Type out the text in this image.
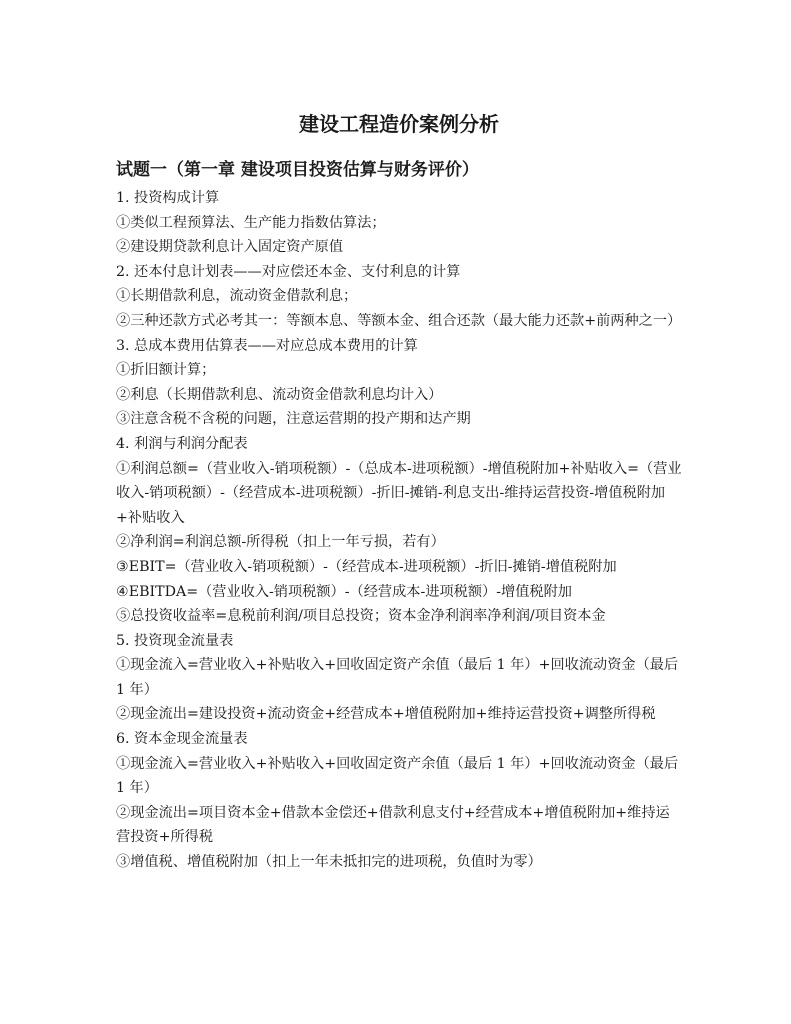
建设工程造价案例分析
试题一（第一章 建设项目投资估算与财务评价）

1. 投资构成计算

①类似工程预算法、生产能力指数估算法；

②建设期贷款利息计入固定资产原值

2. 还本付息计划表——对应偿还本金、支付利息的计算

①长期借款利息，流动资金借款利息；

②三种还款方式必考其一：等额本息、等额本金、组合还款（最大能力还款+前两种之一）

3. 总成本费用估算表——对应总成本费用的计算

①折旧额计算；

②利息（长期借款利息、流动资金借款利息均计入）

③注意含税不含税的问题，注意运营期的投产期和达产期

4. 利润与利润分配表

①利润总额=（营业收入-销项税额）-（总成本-进项税额）-增值税附加+补贴收入=（营业收入-销项税额）-（经营成本-进项税额）-折旧-摊销-利息支出-维持运营投资-增值税附加+补贴收入

②净利润=利润总额-所得税（扣上一年亏损，若有）

③EBIT=（营业收入-销项税额）-（经营成本-进项税额）-折旧-摊销-增值税附加

④EBITDA=（营业收入-销项税额）-（经营成本-进项税额）-增值税附加

⑤总投资收益率=息税前利润/项目总投资；资本金净利润率净利润/项目资本金

5. 投资现金流量表

①现金流入=营业收入+补贴收入+回收固定资产余值（最后 1 年）+回收流动资金（最后 1 年）

②现金流出=建设投资+流动资金+经营成本+增值税附加+维持运营投资+调整所得税

6. 资本金现金流量表

①现金流入=营业收入+补贴收入+回收固定资产余值（最后 1 年）+回收流动资金（最后 1 年）

②现金流出=项目资本金+借款本金偿还+借款利息支付+经营成本+增值税附加+维持运营投资+所得税

③增值税、增值税附加（扣上一年未抵扣完的进项税，负值时为零）
